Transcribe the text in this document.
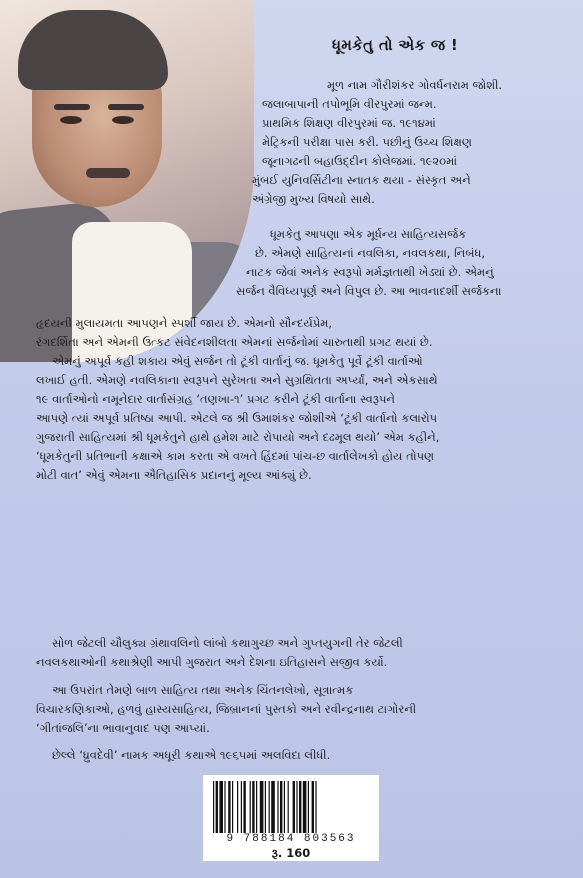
ધૂમકેતુ તો એક જ !
મૂળ નામ ગૌરીશંકર ગોવર્ધનરામ જોશી.
જલાબાપાની તપોભૂમિ વીરપુરમાં જન્મ.
પ્રાથમિક શિક્ષણ વીરપુરમાં જ. ૧૯૧૪માં
મેટ્રિકની પરીક્ષા પાસ કરી. પછીનું ઉચ્ચ શિક્ષણ
જૂનાગઢની બહાઉદ્દીન કોલેજમાં. ૧૯૨૦માં
મુંબઈ યુનિવર્સિટીના સ્નાતક થયા - સંસ્કૃત અને
અંગ્રેજી મુખ્ય વિષયો સાથે.
ધૂમકેતુ આપણા એક મૂર્ધન્ય સાહિત્યસર્જક
છે. એમણે સાહિત્યનાં નવલિકા, નવલકથા, નિબંધ,
નાટક જેવાં અનેક સ્વરૂપો મર્મજ્ઞતાથી ખેડ્યાં છે. એમનું
સર્જન વૈવિધ્યપૂર્ણ અને વિપુલ છે. આ ભાવનાદર્શી સર્જકના
હૃદયની મુલાયમતા આપણને સ્પર્શી જાય છે. એમનો સૌન્દર્યપ્રેમ,
રંગદર્શિતા અને એમની ઉત્કટ સંવેદનશીલતા એમનાં સર્જનોમાં ચારુતાથી પ્રગટ થયાં છે.
એમનું અપૂર્વ કહી શકાય એવું સર્જન તો ટૂંકી વાર્તાનું જ. ધૂમકેતુ પૂર્વે ટૂંકી વાર્તાઓ
લખાઈ હતી. એમણે નવલિકાના સ્વરૂપને સુરેખતા અને સુગ્રથિતતા અર્પ્યાં, અને એકસાથે
૧૯ વાર્તાઓનો નમૂનેદાર વાર્તાસંગ્રહ ‘તણખા-૧’ પ્રગટ કરીને ટૂંકી વાર્તાના સ્વરૂપને
આપણે ત્યાં અપૂર્વ પ્રતિષ્ઠા આપી. એટલે જ શ્રી ઉમાશંકર જોશીએ ‘ટૂંકી વાર્તાનો કલારોપ
ગુજરાતી સાહિત્યમાં શ્રી ધૂમકેતુને હાથે હમેશ માટે રોપાયો અને દઢમૂલ થયો’ એમ કહીને,
‘ધૂમકેતુની પ્રતિભાની કક્ષાએ કામ કરતા એ વખતે હિંદમાં પાંચ-છ વાર્તાલેખકો હોય તોપણ
મોટી વાત’ એવું એમના ઐતિહાસિક પ્રદાનનું મૂલ્ય આંક્યું છે.
સોળ જેટલી ચૌલુક્ય ગ્રંથાવલિનો લાંબો કથાગુચ્છ અને ગુપ્તયુગની તેર જેટલી
નવલકથાઓની કથાશ્રેણી આપી ગુજરાત અને દેશના ઇતિહાસને સજીવ કર્યો.
આ ઉપરાંત તેમણે બાળ સાહિત્ય તથા અનેક ચિંતનલેખો, સૂત્રાત્મક
વિચારકણિકાઓ, હળવું હાસ્યસાહિત્ય, જિબ્રાનનાં પુસ્તકો અને રવીન્દ્રનાથ ટાગોરની
‘ગીતાંજલિ’ના ભાવાનુવાદ પણ આપ્યાં.
છેલ્લે ‘ધ્રુવદેવી’ નામક અધૂરી કથાએ ૧૯૬૫માં અલવિદા લીધી.
9 788184 803563
રૂ. 160
